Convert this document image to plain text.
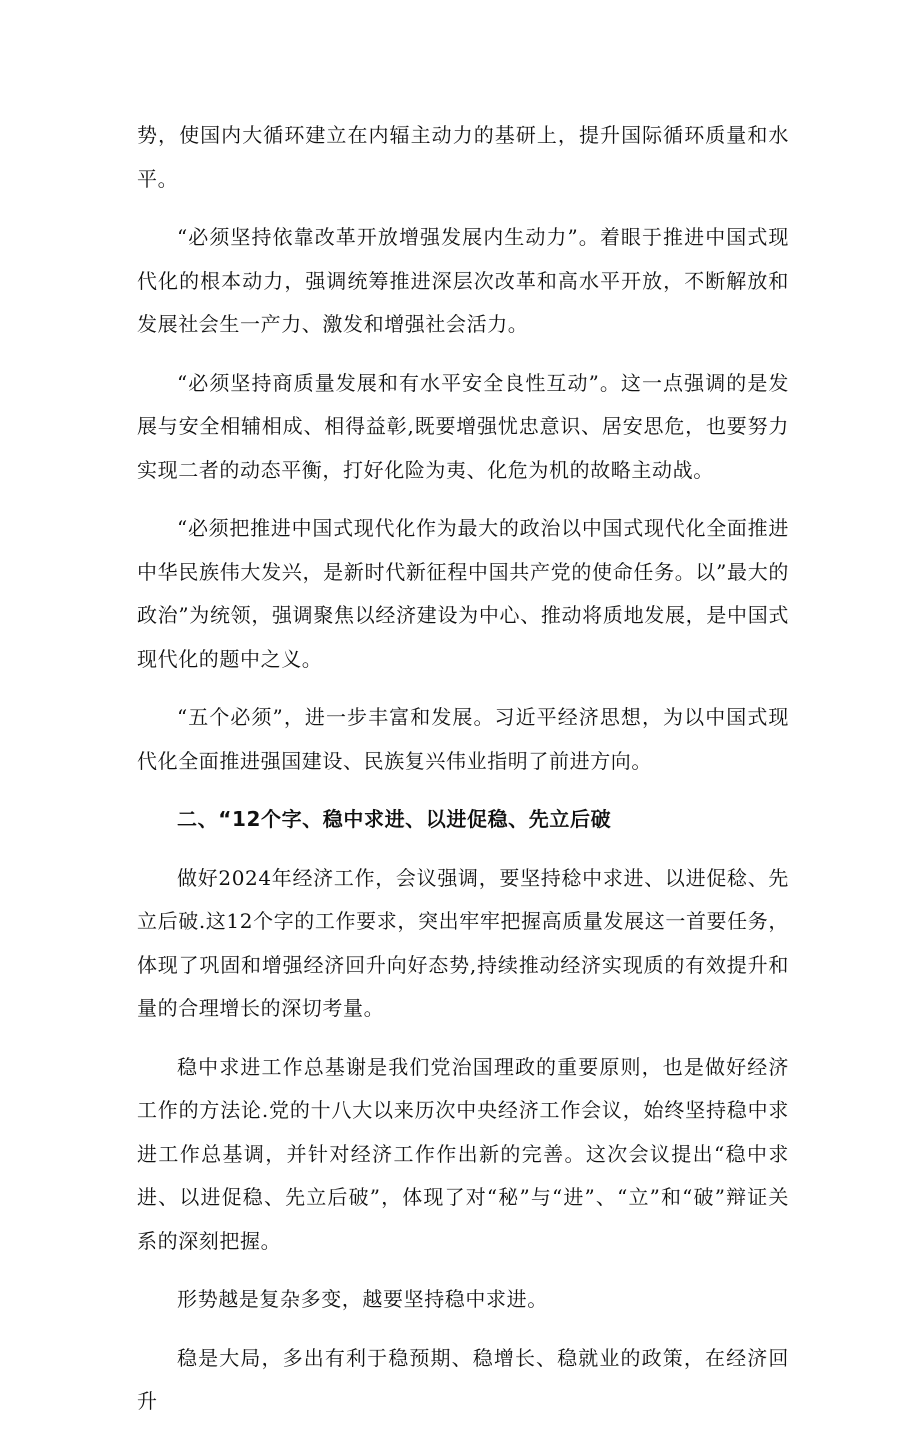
势，使国内大循环建立在内辐主动力的基研上，提升国际循环质量和水平。

“必须坚持依靠改革开放增强发展内生动力”。着眼于推进中国式现代化的根本动力，强调统筹推进深层次改革和高水平开放，不断解放和发展社会生一产力、激发和增强社会活力。

“必须坚持商质量发展和有水平安全良性互动”。这一点强调的是发展与安全相辅相成、相得益彰,既要增强忧忠意识、居安思危，也要努力实现二者的动态平衡，打好化险为夷、化危为机的故略主动战。

“必须把推进中国式现代化作为最大的政治以中国式现代化全面推进中华民族伟大发兴，是新时代新征程中国共产党的使命任务。以”最大的政治”为统领，强调聚焦以经济建设为中心、推动将质地发展，是中国式现代化的题中之义。

“五个必须”，进一步丰富和发展。习近平经济思想，为以中国式现代化全面推进强国建设、民族复兴伟业指明了前进方向。

二、“12个字、稳中求进、以进促稳、先立后破

做好2024年经济工作，会议强调，要坚持稔中求进、以进促稔、先立后破.这12个字的工作要求，突出牢牢把握高质量发展这一首要任务，体现了巩固和增强经济回升向好态势,持续推动经济实现质的有效提升和量的合理增长的深切考量。

稳中求进工作总基谢是我们党治国理政的重要原则，也是做好经济工作的方法论.党的十八大以来历次中央经济工作会议，始终坚持稳中求进工作总基调，并针对经济工作作出新的完善。这次会议提出“稳中求进、以进促稳、先立后破”，体现了对“秘”与“进”、“立”和“破”辩证关系的深刻把握。

形势越是复杂多变，越要坚持稳中求进。

稳是大局，多出有利于稳预期、稳增长、稳就业的政策，在经济回升
